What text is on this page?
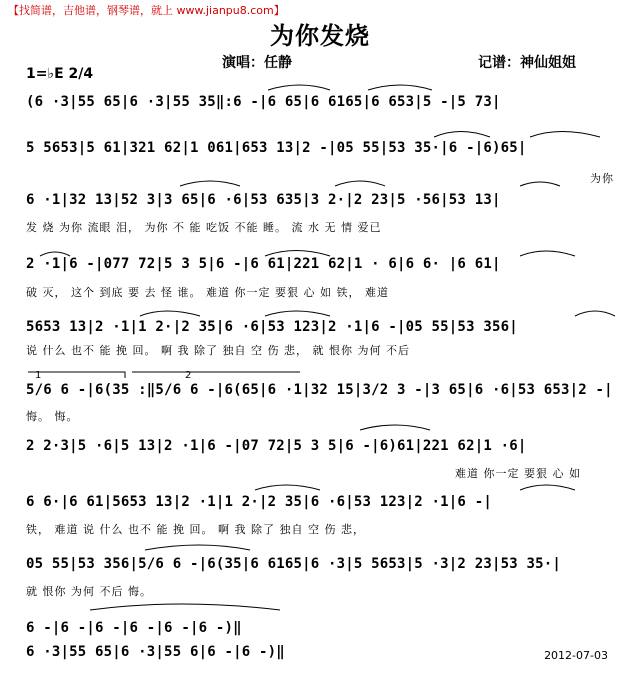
【找简谱，吉他谱，钢琴谱，就上 www.jianpu8.com】
为你发烧
1=♭E 2/4
演唱：任静	记谱：神仙姐姐
1	2
(6 ·3|55 65|6 ·3|55 35‖:6 -|6 65|6 6165|6 653|5 -|5 73|
5 5653|5 61|321 62|1 061|653 13|2 -|05 55|53 35·|6 -|6)65|
为你
6 ·1|32 13|52 3|3 65|6 ·6|53 635|3 2·|2 23|5 ·56|53 13|
发 烧 为你 流眼 泪， 为你 不 能 吃饭 不能 睡。 流 水 无 情 爱已
2 ·1|6 -|077 72|5 3 5|6 -|6 61|221 62|1 · 6|6 6· |6 61|
破 灭， 这个 到底 要 去 怪 谁。 难道 你一定 要狠 心 如 铁， 难道
5653 13|2 ·1|1 2·|2 35|6 ·6|53 123|2 ·1|6 -|05 55|53 356|
说 什么 也不 能 挽 回。 啊 我 除了 独自 空 伤 悲， 就 恨你 为何 不后
5/6 6 -|6(35 :‖5/6 6 -|6(65|6 ·1|32 15|3/2 3 -|3 65|6 ·6|53 653|2 -|
悔。 悔。
2 2·3|5 ·6|5 13|2 ·1|6 -|07 72|5 3 5|6 -|6)61|221 62|1 ·6|
难道 你一定 要狠 心 如
6 6·|6 61|5653 13|2 ·1|1 2·|2 35|6 ·6|53 123|2 ·1|6 -|
铁， 难道 说 什么 也不 能 挽 回。 啊 我 除了 独自 空 伤 悲，
05 55|53 356|5/6 6 -|6(35|6 6165|6 ·3|5 5653|5 ·3|2 23|53 35·|
就 恨你 为何 不后 悔。
6 -|6 -|6 -|6 -|6 -|6 -)‖
6 ·3|55 65|6 ·3|55 6|6 -|6 -)‖	2012-07-03
